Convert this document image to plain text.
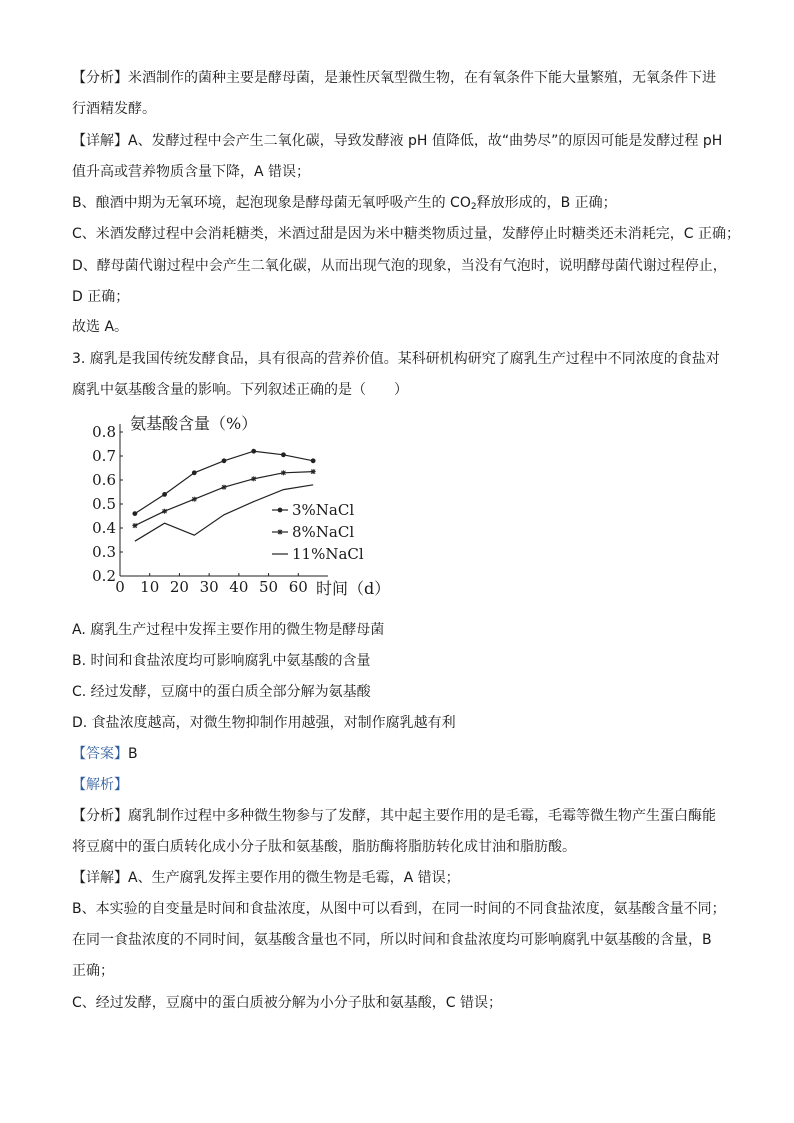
【分析】米酒制作的菌种主要是酵母菌，是兼性厌氧型微生物，在有氧条件下能大量繁殖，无氧条件下进
行酒精发酵。
【详解】A、发酵过程中会产生二氧化碳，导致发酵液 pH 值降低，故“曲势尽”的原因可能是发酵过程 pH
值升高或营养物质含量下降，A 错误；
B、酿酒中期为无氧环境，起泡现象是酵母菌无氧呼吸产生的 $CO_2$释放形成的，B 正确；
C、米酒发酵过程中会消耗糖类，米酒过甜是因为米中糖类物质过量，发酵停止时糖类还未消耗完，C 正确；
D、酵母菌代谢过程中会产生二氧化碳，从而出现气泡的现象，当没有气泡时，说明酵母菌代谢过程停止，
D 正确；
故选 A。
3. 腐乳是我国传统发酵食品，具有很高的营养价值。某科研机构研究了腐乳生产过程中不同浓度的食盐对
腐乳中氨基酸含量的影响。下列叙述正确的是（　　）
0.2
0.3
0.4
0.5
0.6
0.7
0.8
0 10 20 30 40 50 60
氨基酸含量（%）
时间（d）
3%NaCl
8%NaCl
11%NaCl
A. 腐乳生产过程中发挥主要作用的微生物是酵母菌
B. 时间和食盐浓度均可影响腐乳中氨基酸的含量
C. 经过发酵，豆腐中的蛋白质全部分解为氨基酸
D. 食盐浓度越高，对微生物抑制作用越强，对制作腐乳越有利
【答案】B
【解析】
【分析】腐乳制作过程中多种微生物参与了发酵，其中起主要作用的是毛霉，毛霉等微生物产生蛋白酶能
将豆腐中的蛋白质转化成小分子肽和氨基酸，脂肪酶将脂肪转化成甘油和脂肪酸。
【详解】A、生产腐乳发挥主要作用的微生物是毛霉，A 错误；
B、本实验的自变量是时间和食盐浓度，从图中可以看到，在同一时间的不同食盐浓度，氨基酸含量不同；
在同一食盐浓度的不同时间，氨基酸含量也不同，所以时间和食盐浓度均可影响腐乳中氨基酸的含量，B
正确；
C、经过发酵，豆腐中的蛋白质被分解为小分子肽和氨基酸，C 错误；
